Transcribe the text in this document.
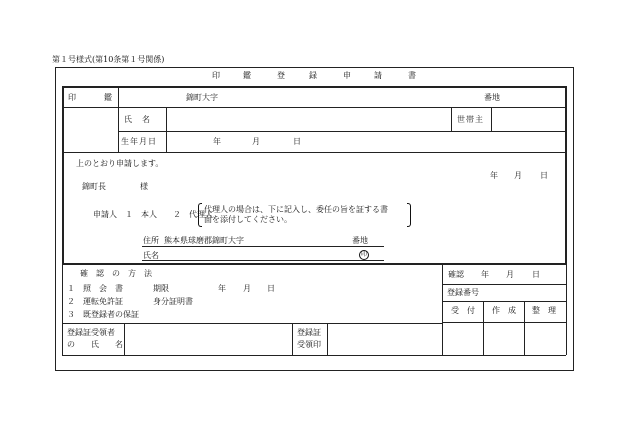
第１号様式(第10条第１号関係)
印	鑑	登	録	申	請	書
印	鑑	錦町大字	番地
氏　名	世帯主
生年月日	年	月	日
上のとおり申請します。
年 月 日
錦町長	様
申請人　１　本人　　２　代理人
代理人の場合は、下に記入し、委任の旨を証する書
面を添付してください。
住所 熊本県球磨郡錦町大字	番地
氏名	印
確　認　の　方　法
１　照　会　書	期限	年 月 日
２　運転免許証	身分証明書
３　既登録者の保証
確認 年 月 日
登録番号
受　付 作　成 整　理
登録証受領者
の　　氏　　名
登録証
受領印
